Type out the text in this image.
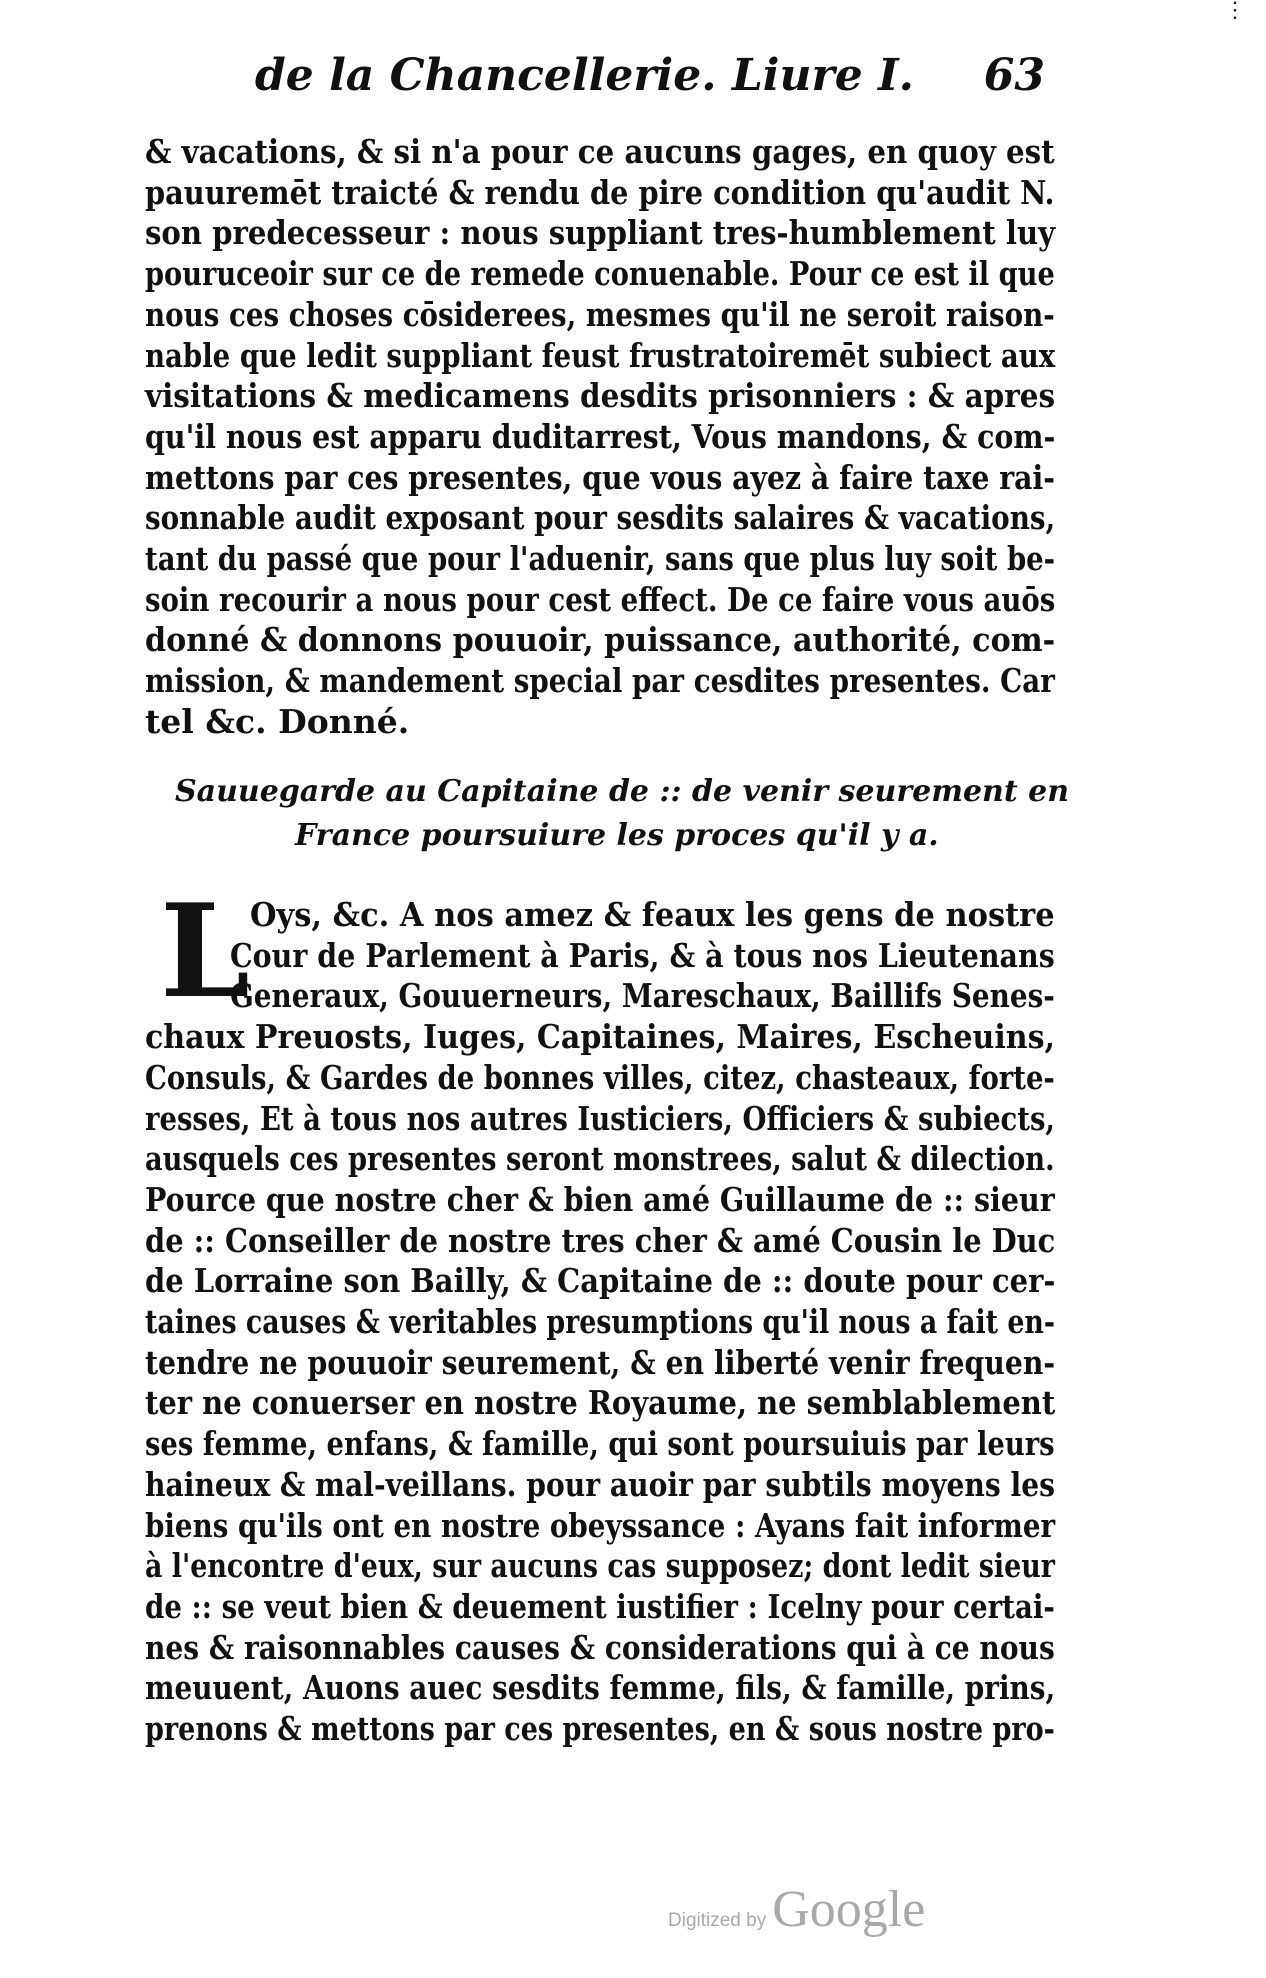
⋮
de la Chancellerie. Liure I.	63
& vacations, & si n'a pour ce aucuns gages, en quoy est
pauuremēt traicté & rendu de pire condition qu'audit N.
son predecesseur : nous suppliant tres-humblement luy
pouruceoir sur ce de remede conuenable. Pour ce est il que
nous ces choses cōsiderees, mesmes qu'il ne seroit raison-
nable que ledit suppliant feust frustratoiremēt subiect aux
visitations & medicamens desdits prisonniers : & apres
qu'il nous est apparu duditarrest, Vous mandons, & com-
mettons par ces presentes, que vous ayez à faire taxe rai-
sonnable audit exposant pour sesdits salaires & vacations,
tant du passé que pour l'aduenir, sans que plus luy soit be-
soin recourir a nous pour cest effect. De ce faire vous auōs
donné & donnons pouuoir, puissance, authorité, com-
mission, & mandement special par cesdites presentes. Car
tel &c. Donné.
Sauuegarde au Capitaine de :: de venir seurement en
France poursuiure les proces qu'il y a.
L Oys, &c. A nos amez & feaux les gens de nostre
Cour de Parlement à Paris, & à tous nos Lieutenans
Generaux, Gouuerneurs, Mareschaux, Baillifs Senes-
chaux Preuosts, Iuges, Capitaines, Maires, Escheuins,
Consuls, & Gardes de bonnes villes, citez, chasteaux, forte-
resses, Et à tous nos autres Iusticiers, Officiers & subiects,
ausquels ces presentes seront monstrees, salut & dilection.
Pource que nostre cher & bien amé Guillaume de :: sieur
de :: Conseiller de nostre tres cher & amé Cousin le Duc
de Lorraine son Bailly, & Capitaine de :: doute pour cer-
taines causes & veritables presumptions qu'il nous a fait en-
tendre ne pouuoir seurement, & en liberté venir frequen-
ter ne conuerser en nostre Royaume, ne semblablement
ses femme, enfans, & famille, qui sont poursuiuis par leurs
haineux & mal-veillans. pour auoir par subtils moyens les
biens qu'ils ont en nostre obeyssance : Ayans fait informer
à l'encontre d'eux, sur aucuns cas supposez; dont ledit sieur
de :: se veut bien & deuement iustifier : Icelny pour certai-
nes & raisonnables causes & considerations qui à ce nous
meuuent, Auons auec sesdits femme, fils, & famille, prins,
prenons & mettons par ces presentes, en & sous nostre pro-
Digitized by Google
